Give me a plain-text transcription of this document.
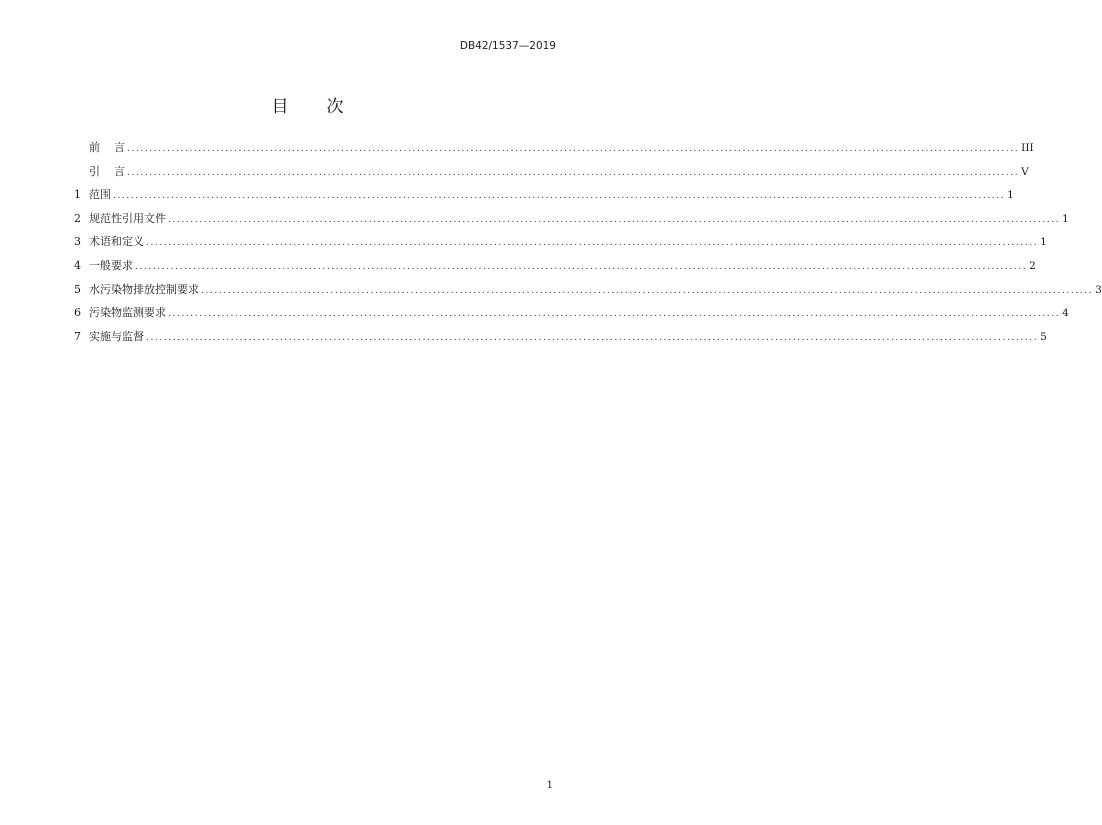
DB42/1537—2019
目 次
前    言 ........................................................................................................................................................................................................ III
引    言 ........................................................................................................................................................................................................ V
1 范围 ........................................................................................................................................................................................................ 1
2 规范性引用文件 ........................................................................................................................................................................................................ 1
3 术语和定义 ........................................................................................................................................................................................................ 1
4 一般要求 ........................................................................................................................................................................................................ 2
5 水污染物排放控制要求 ........................................................................................................................................................................................................ 3
6 污染物监测要求 ........................................................................................................................................................................................................ 4
7 实施与监督 ........................................................................................................................................................................................................ 5
1
